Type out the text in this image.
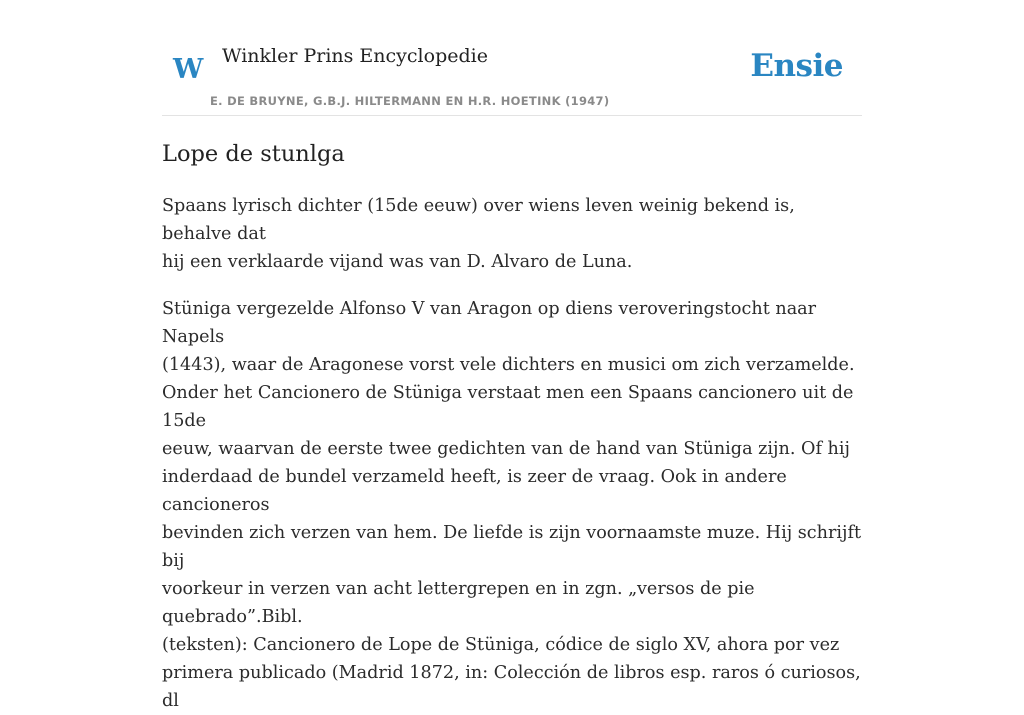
W Winkler Prins Encyclopedie
E. DE BRUYNE, G.B.J. HILTERMANN EN H.R. HOETINK (1947)
Ensie
Lope de stunlga

Spaans lyrisch dichter (15de eeuw) over wiens leven weinig bekend is, behalve dat
hij een verklaarde vijand was van D. Alvaro de Luna.

Stüniga vergezelde Alfonso V van Aragon op diens veroveringstocht naar Napels
(1443), waar de Aragonese vorst vele dichters en musici om zich verzamelde.
Onder het Cancionero de Stüniga verstaat men een Spaans cancionero uit de 15de
eeuw, waarvan de eerste twee gedichten van de hand van Stüniga zijn. Of hij
inderdaad de bundel verzameld heeft, is zeer de vraag. Ook in andere cancioneros
bevinden zich verzen van hem. De liefde is zijn voornaamste muze. Hij schrijft bij
voorkeur in verzen van acht lettergrepen en in zgn. „versos de pie quebrado”.Bibl.
(teksten): Cancionero de Lope de Stüniga, códice de siglo XV, ahora por vez
primera publicado (Madrid 1872, in: Colección de libros esp. raros ó curiosos, dl
